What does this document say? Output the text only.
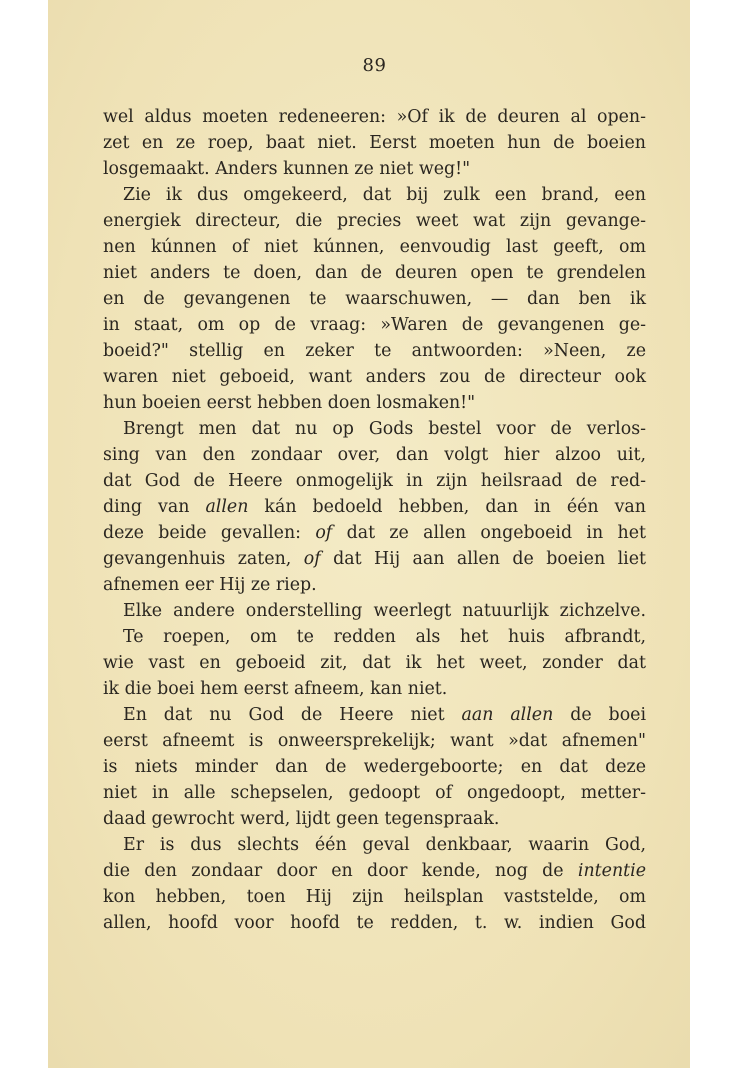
89
wel aldus moeten redeneeren: »Of ik de deuren al open-
zet en ze roep, baat niet. Eerst moeten hun de boeien
losgemaakt. Anders kunnen ze niet weg!"
Zie ik dus omgekeerd, dat bij zulk een brand, een
energiek directeur, die precies weet wat zijn gevange-
nen kúnnen of niet kúnnen, eenvoudig last geeft, om
niet anders te doen, dan de deuren open te grendelen
en de gevangenen te waarschuwen, — dan ben ik
in staat, om op de vraag: »Waren de gevangenen ge-
boeid?" stellig en zeker te antwoorden: »Neen, ze
waren niet geboeid, want anders zou de directeur ook
hun boeien eerst hebben doen losmaken!"
Brengt men dat nu op Gods bestel voor de verlos-
sing van den zondaar over, dan volgt hier alzoo uit,
dat God de Heere onmogelijk in zijn heilsraad de red-
ding van allen kán bedoeld hebben, dan in één van
deze beide gevallen: of dat ze allen ongeboeid in het
gevangenhuis zaten, of dat Hij aan allen de boeien liet
afnemen eer Hij ze riep.
Elke andere onderstelling weerlegt natuurlijk zichzelve.
Te roepen, om te redden als het huis afbrandt,
wie vast en geboeid zit, dat ik het weet, zonder dat
ik die boei hem eerst afneem, kan niet.
En dat nu God de Heere niet aan allen de boei
eerst afneemt is onweersprekelijk; want »dat afnemen"
is niets minder dan de wedergeboorte; en dat deze
niet in alle schepselen, gedoopt of ongedoopt, metter-
daad gewrocht werd, lijdt geen tegenspraak.
Er is dus slechts één geval denkbaar, waarin God,
die den zondaar door en door kende, nog de intentie
kon hebben, toen Hij zijn heilsplan vaststelde, om
allen, hoofd voor hoofd te redden, t. w. indien God
